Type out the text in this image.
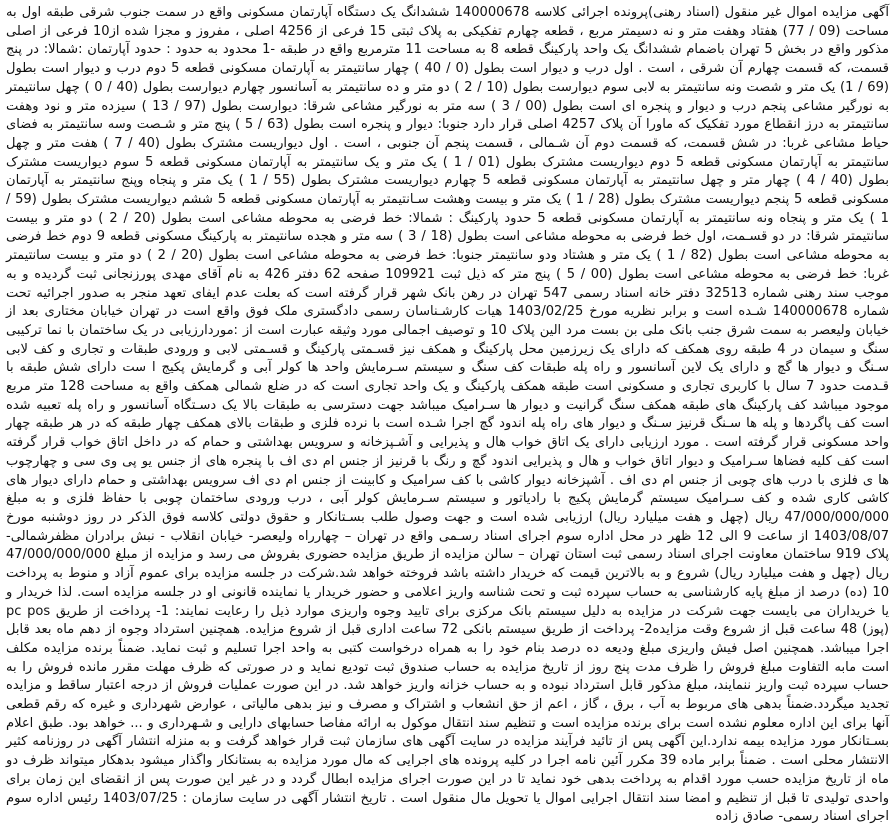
آگهی مزایده اموال غیر منقول (اسناد رهنی)پرونده اجرائی کلاسه 140000678 ششدانگ یک دستگاه آپارتمان مسکونی واقع در سمت جنوب شرقی طبقه اول به مساحت (09 / 77) هفتاد وهفت متر و نه دسیمتر مربع ، قطعه چهارم تفکیکی به پلاک ثبتی 15 فرعی از 4256 اصلی ، مفروز و مجزا شده از10 فرعی از اصلی مذکور واقع در بخش 5 تهران باضمام ششدانگ یک واحد پارکینگ قطعه 8 به مساحت 11 مترمربع واقع در طبقه -1 محدود به حدود : حدود آپارتمان :شمالا: در پنج قسمت، که قسمت چهارم آن شرقی ، است . اول درب و دیوار است بطول (0 / 40 ) چهار سانتیمتر به آپارتمان مسکونی قطعه 5 دوم درب و دیوار است بطول (69 / 1) یک متر و شصت ونه سانتیمتر به لابی سوم دیوارست بطول (10 / 2 ) دو متر و ده سانتیمتر به آسانسور چهارم دیوارست بطول (40 / 0 ) چهل سانتیمتر به نورگیر مشاعی پنجم درب و دیوار و پنجره ای است بطول (00 / 3 ) سه متر به نورگیر مشاعی شرقا: دیوارست بطول (97 / 13 ) سیزده متر و نود وهفت سانتیمتر به درز انقطاع مورد تفکیک که ماورا آن پلاک 4257 اصلی قرار دارد جنوبا: دیوار و پنجره است بطول (63 / 5 ) پنج متر و شـصت وسه سانتیمتر به فضای حیاط مشاعی غربا: در شش قسمت، که قسمت دوم آن شـمالی ، قسمت پنجم آن جنوبی ، است . اول دیواریست مشترک بطول (40 / 7 ) هفت متر و چهل سانتیمتر به آپارتمان مسکونی قطعه 5 دوم دیواریست مشترک بطول (01 / 1 ) یک متر و یک سانتیمتر به آپارتمان مسکونی قطعه 5 سوم دیواریست مشترک بطول (40 / 4 ) چهار متر و چهل سانتیمتر به آپارتمان مسکونی قطعه 5 چهارم دیواریست مشترک بطول (55 / 1 ) یک متر و پنجاه وپنج سانتیمتر به آپارتمان مسکونی قطعه 5 پنجم دیواریست مشترک بطول (28 / 1 ) یک متر و بیست وهشت سـانتیمتر به آپارتمان مسکونی قطعه 5 ششم دیواریست مشترک بطول (59 / 1 ) یک متر و پنجاه ونه سانتیمتر به آپارتمان مسکونی قطعه 5 حدود پارکینگ : شمالا: خط فرضی به محوطه مشاعی است بطول (20 / 2 ) دو متر و بیست سانتیمتر شرقا: در دو قسـمت، اول خط فرضی به محوطه مشاعی است بطول (18 / 3 ) سه متر و هجده سانتیمتر به پارکینگ مسکونی قطعه 9 دوم خط فرضی به محوطه مشاعی است بطول (82 / 1 ) یک متر و هشتاد ودو سانتیمتر جنوبا: خط فرضی به محوطه مشاعی است بطول (20 / 2 ) دو متر و بیست سانتیمتر غربا: خط فرضی به محوطه مشاعی است بطول (00 / 5 ) پنج متر که ذیل ثبت 109921 صفحه 62 دفتر 426 به نام آقای مهدی پورزنجانی ثبت گردیده و به موجب سند رهنی شماره 32513 دفتر خانه اسناد رسمی 547 تهران در رهن بانک شهر قرار گرفته است که بعلت عدم ایفای تعهد منجر به صدور اجرائیه تحت شماره 140000678 شـده است و برابر نظریه مورخ 1403/02/25 هیات کارشـناسان رسمی دادگستری ملک فوق واقع است در تهران خیابان مختاری بعد از خیابان ولیعصر به سمت شرق جنب بانک ملی بن بست مرد الین پلاک 10 و توصیف اجمالی مورد وثیقه عبارت است از :موردارزیابی در یک ساختمان با نما ترکیبی سنگ و سیمان در 4 طبقه روی همکف که دارای یک زیرزمین محل پارکینگ و همکف نیز قسـمتی پارکینگ و قسـمتی لابی و ورودی طبقات و تجاری و کف لابی سـنگ و دیوار ها گچ و دارای یک لاین آسانسور و راه پله طبقات کف سنگ و سیستم سـرمایش واحد ها کولر آبی و گرمایش پکیج ا ست دارای شش طبقه با قـدمت حدود 7 سال با کاربری تجاری و مسکونی است طبقه همکف پارکینگ و یک واحد تجاری است که در ضلع شمالی همکف واقع به مساحت 128 متر مربع موجود میباشد کف پارکینگ های طبقه همکف سنگ گرانیت و دیوار ها سـرامیک میباشد جهت دسترسی به طبقات بالا یک دسـتگاه آسانسور و راه پله تعبیه شده است کف پاگردها و پله ها سـنگ قرنیز سـنگ و دیوار های راه پله اندود گچ اجرا شـده است با نرده فلزی و طبقات بالای همکف چهار طبقه که در هر طبقه چهار واحد مسکونی قرار گرفته است . مورد ارزیابی دارای یک اتاق خواب هال و پذیرایی و آشـپزخانه و سرویس بهداشتی و حمام که در داخل اتاق خواب قرار گرفته است کف کلیه فضاها سـرامیک و دیوار اتاق خواب و هال و پذیرایی اندود گچ و رنگ با قرنیز از جنس ام دی اف با پنجره های از جنس یو پی وی سی و چهارچوب ها ی فلزی با درب های چوبی از جنس ام دی اف . آشپزخانه دیوار کاشی با کف سرامیک و کابینت از جنس ام دی اف سرویس بهداشتی و حمام دارای دیوار های کاشی کاری شده و کف سـرامیک سیستم گرمایش پکیج با رادیاتور و سیستم سـرمایش کولر آبی ، درب ورودی ساختمان چوبی با حفاظ فلزی و به مبلغ 47/000/000/000 ریال (چهل و هفت میلیارد ریال) ارزیابی شده است و جهت وصول طلب بسـتانکار و حقوق دولتی کلاسه فوق الذکر در روز دوشنبه مورخ 1403/08/07 از ساعت 9 الی 12 ظهر در محل اداره سوم اجرای اسناد رسـمی واقع در تهران – چهارراه ولیعصر- خیابان انقلاب - نبش برادران مظفرشمالی- پلاک 919 ساختمان معاونت اجرای اسناد رسمی ثبت استان تهران – سالن مزایده از طریق مزایده حضوری بفروش می رسد و مزایده از مبلغ 47/000/000/000 ریال (چهل و هفت میلیارد ریال) شروع و به بالاترین قیمت که خریدار داشته باشد فروخته خواهد شد.شرکت در جلسه مزایده برای عموم آزاد و منوط به پرداخت 10 (ده) درصد از مبلغ پایه کارشناسی به حساب سپرده ثبت و تحت شناسه واریز اعلامی و حضور خریدار یا نماینده قانونی او در جلسه مزایده است. لذا خریدار و یا خریداران می بایست جهت شرکت در مزایده به دلیل سیستم بانک مرکزی برای تایید وجوه واریزی موارد ذیل را رعایت نمایند: 1- پرداخت از طریق pc pos (پوز) 48 ساعت قبل از شروع وقت مزایده2- پرداخت از طریق سیستم بانکی 72 ساعت اداری قبل از شروع مزایده. همچنین استرداد وجوه از دهم ماه بعد قابل اجرا میباشد. همچنین اصل فیش واریزی مبلغ ودیعه ده درصد بنام خود را به همراه درخواست کتبی به واحد اجرا تسلیم و ثبت نماید. ضمناً برنده مزایده مکلف است مابه التفاوت مبلغ فروش را ظرف مدت پنج روز از تاریخ مزایده به حساب صندوق ثبت تودیع نماید و در صورتی که ظرف مهلت مقرر مانده فروش را به حساب سپرده ثبت واریز ننمایند، مبلغ مذکور قابل استرداد نبوده و به حساب خزانه واریز خواهد شد. در این صورت عملیات فروش از درجه اعتبار ساقط و مزایده تجدید میگردد.ضمناً بدهی های مربوط به آب ، برق ، گاز ، اعم از حق انشعاب و اشتراک و مصرف و نیز بدهی مالیاتی ، عوارض شهرداری و غیره که رقم قطعی آنها برای این اداره معلوم نشده است برای برنده مزایده است و تنظیم سند انتقال موکول به ارائه مفاصا حسابهای دارایی و شـهرداری و ... خواهد بود. طبق اعلام بسـتانکار مورد مزایده بیمه ندارد.این آگهی پس از تائید فرآیند مزایده در سایت آگهی های سازمان ثبت قرار خواهد گرفت و به منزله انتشار آگهی در روزنامه کثیر الانتشار محلی است . ضمناً برابر ماده 39 مکرر آئین نامه اجرا در کلیه پرونده های اجرایی که مال مورد مزایده به بستانکار واگذار میشود بدهکار میتواند ظرف دو ماه از تاریخ مزایده حسب مورد اقدام به پرداخت بدهی خود نماید تا در این صورت اجرای مزایده ابطال گردد و در غیر این صورت پس از انقضای این زمان برای واحدی تولیدی تا قبل از تنظیم و امضا سند انتقال اجرایی اموال یا تحویل مال منقول است . تاریخ انتشار آگهی در سایت سازمان : 1403/07/25 رئیس اداره سوم اجرای اسناد رسمی- صادق زاده
